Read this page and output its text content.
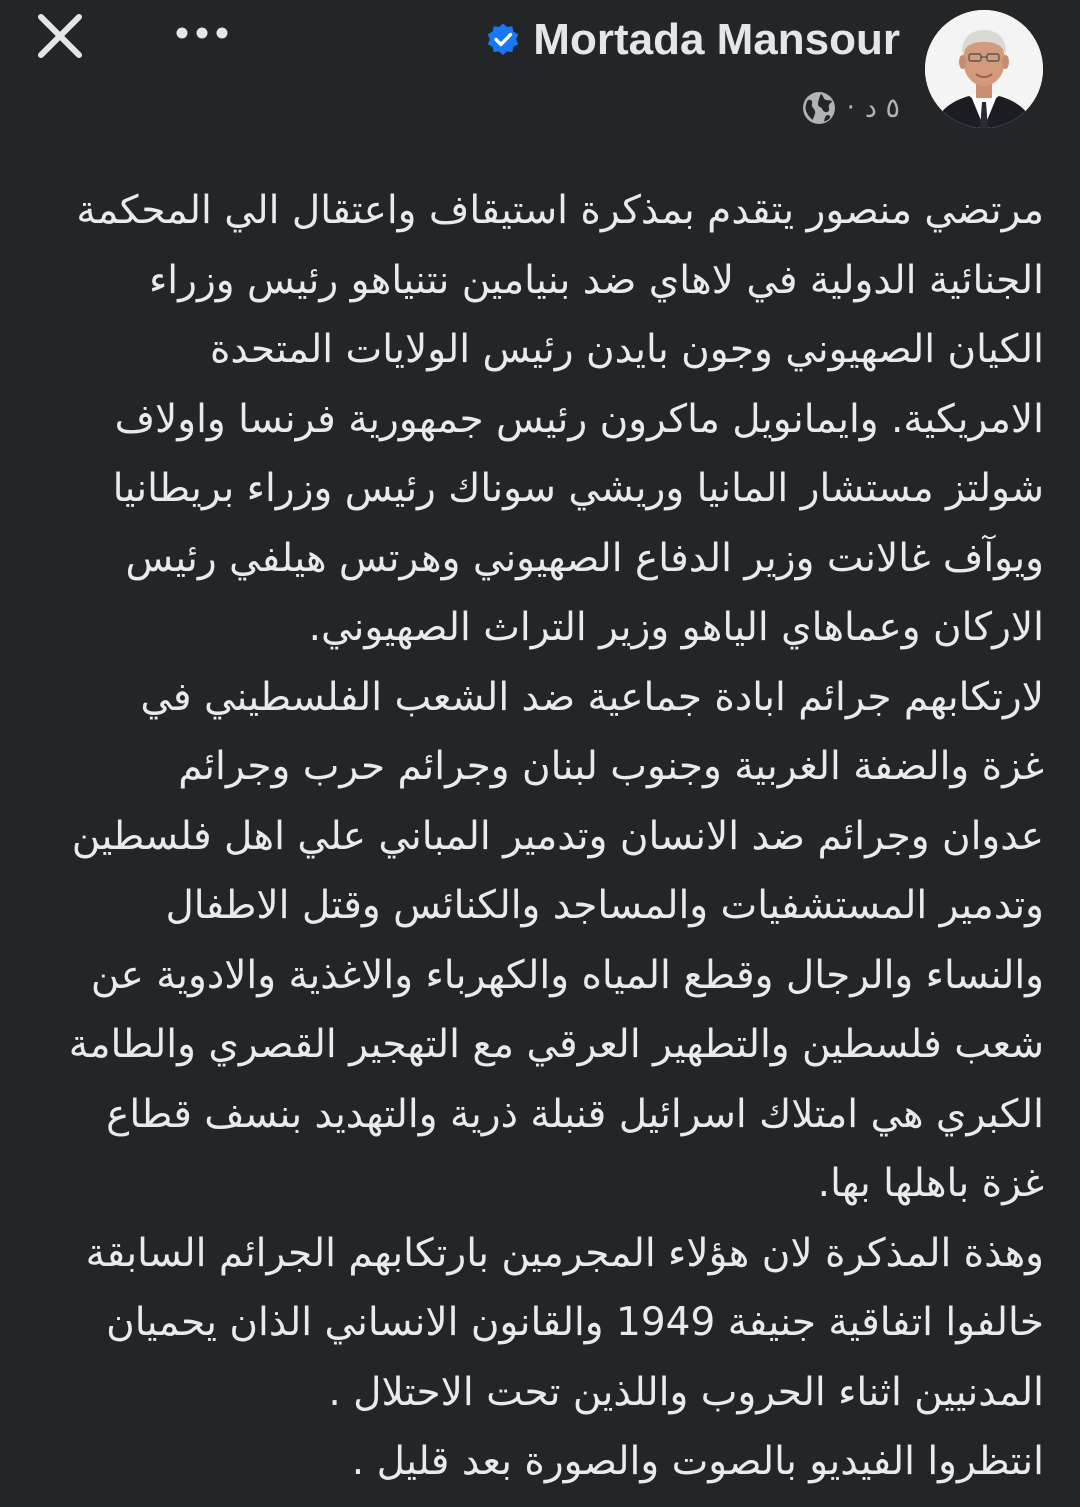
Mortada Mansour
· ٥ د
مرتضي منصور يتقدم بمذكرة استيقاف واعتقال الي المحكمة
الجنائية الدولية في لاهاي ضد بنيامين نتنياهو رئيس وزراء
الكيان الصهيوني وجون بايدن رئيس الولايات المتحدة
الامريكية. وايمانويل ماكرون رئيس جمهورية فرنسا واولاف
شولتز مستشار المانيا وريشي سوناك رئيس وزراء بريطانيا
ويوآف غالانت وزير الدفاع الصهيوني وهرتس هيلفي رئيس
الاركان وعماهاي الياهو وزير التراث الصهيوني.
لارتكابهم جرائم ابادة جماعية ضد الشعب الفلسطيني في
غزة والضفة الغربية وجنوب لبنان وجرائم حرب وجرائم
عدوان وجرائم ضد الانسان وتدمير المباني علي اهل فلسطين
وتدمير المستشفيات والمساجد والكنائس وقتل الاطفال
والنساء والرجال وقطع المياه والكهرباء والاغذية والادوية عن
شعب فلسطين والتطهير العرقي مع التهجير القصري والطامة
الكبري هي امتلاك اسرائيل قنبلة ذرية والتهديد بنسف قطاع
غزة باهلها بها.
وهذة المذكرة لان هؤلاء المجرمين بارتكابهم الجرائم السابقة
خالفوا اتفاقية جنيفة 1949 والقانون الانساني الذان يحميان
المدنيين اثناء الحروب واللذين تحت الاحتلال .
انتظروا الفيديو بالصوت والصورة بعد قليل .
